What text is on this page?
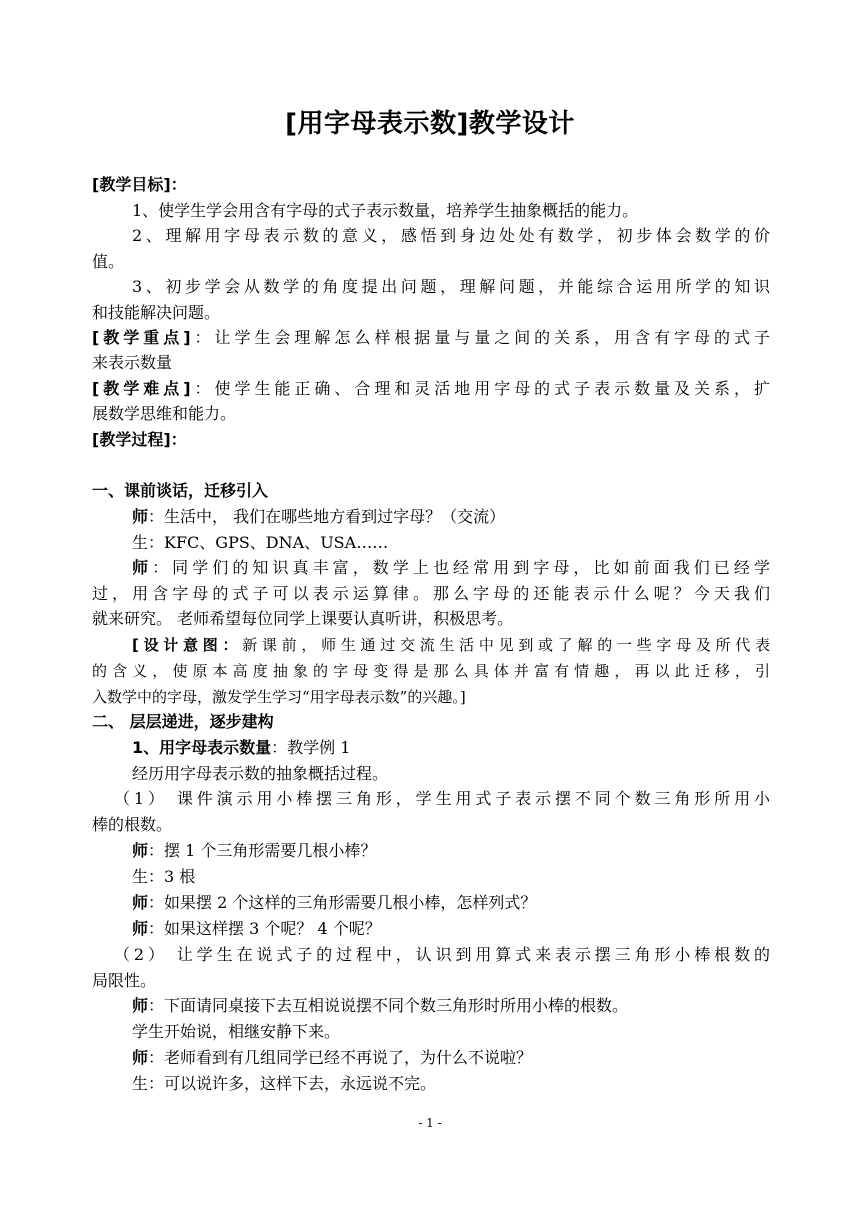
[用字母表示数]教学设计
[教学目标]：
1、使学生学会用含有字母的式子表示数量，培养学生抽象概括的能力。
2、理解用字母表示数的意义，感悟到身边处处有数学，初步体会数学的价
值。
3、初步学会从数学的角度提出问题，理解问题，并能综合运用所学的知识
和技能解决问题。
[教学重点]：让学生会理解怎么样根据量与量之间的关系，用含有字母的式子
来表示数量
[教学难点]：使学生能正确、合理和灵活地用字母的式子表示数量及关系，扩
展数学思维和能力。
[教学过程]：
一、课前谈话，迁移引入
师：生活中， 我们在哪些地方看到过字母？（交流）
生：KFC、GPS、DNA、USA……
师：同学们的知识真丰富，数学上也经常用到字母，比如前面我们已经学
过，用含字母的式子可以表示运算律。那么字母的还能表示什么呢？今天我们
就来研究。 老师希望每位同学上课要认真听讲，积极思考。
[设计意图：新课前，师生通过交流生活中见到或了解的一些字母及所代表
的含义，使原本高度抽象的字母变得是那么具体并富有情趣，再以此迁移，引
入数学中的字母，激发学生学习“用字母表示数”的兴趣。]
二、 层层递进，逐步建构
1、用字母表示数量：教学例 1
经历用字母表示数的抽象概括过程。
（1） 课件演示用小棒摆三角形，学生用式子表示摆不同个数三角形所用小
棒的根数。
师：摆 1 个三角形需要几根小棒？
生：3 根
师：如果摆 2 个这样的三角形需要几根小棒，怎样列式？
师：如果这样摆 3 个呢？ 4 个呢？
（2） 让学生在说式子的过程中，认识到用算式来表示摆三角形小棒根数的
局限性。
师：下面请同桌接下去互相说说摆不同个数三角形时所用小棒的根数。
学生开始说，相继安静下来。
师：老师看到有几组同学已经不再说了，为什么不说啦？
生：可以说许多，这样下去，永远说不完。
- 1 -
